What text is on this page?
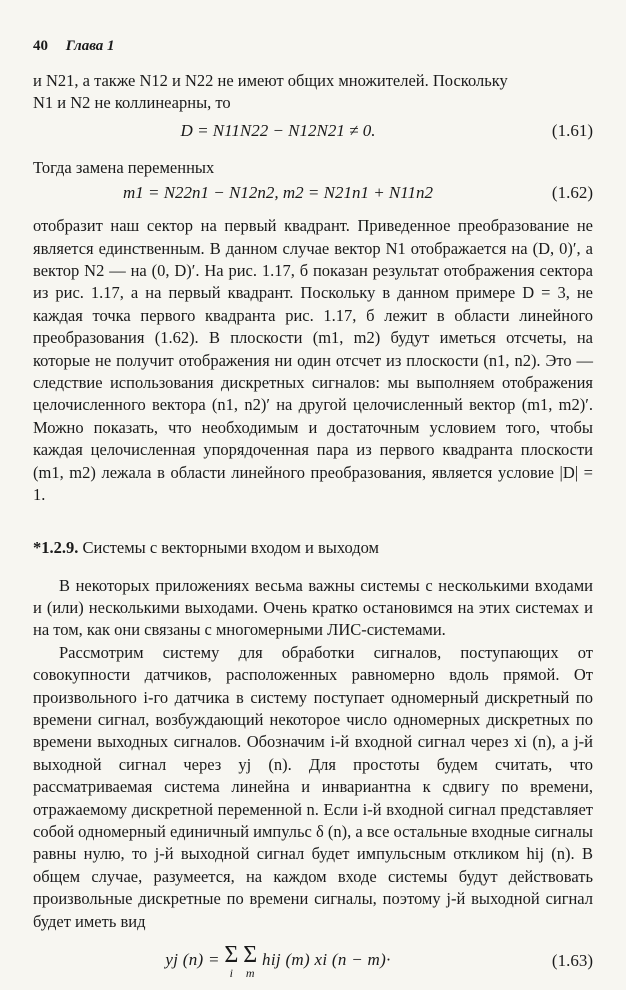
40 Глава 1

и N21, а также N12 и N22 не имеют общих множителей. Поскольку

N1 и N2 не коллинеарны, то

D = N11N22 − N12N21 ≠ 0.	(1.61)

Тогда замена переменных

m1 = N22n1 − N12n2, m2 = N21n1 + N11n2	(1.62)

отобразит наш сектор на первый квадрант. Приведенное преобразование не является единственным. В данном случае вектор N1 отображается на (D, 0)′, а вектор N2 — на (0, D)′. На рис. 1.17, б показан результат отображения сектора из рис. 1.17, а на первый квадрант. Поскольку в данном примере D = 3, не каждая точка первого квадранта рис. 1.17, б лежит в области линейного преобразования (1.62). В плоскости (m1, m2) будут иметься отсчеты, на которые не получит отображения ни один отсчет из плоскости (n1, n2). Это — следствие использования дискретных сигналов: мы выполняем отображения целочисленного вектора (n1, n2)′ на другой целочисленный вектор (m1, m2)′. Можно показать, что необходимым и достаточным условием того, чтобы каждая целочисленная упорядоченная пара из первого квадранта плоскости (m1, m2) лежала в области линейного преобразования, является условие |D| = 1.

*1.2.9. Системы с векторными входом и выходом

В некоторых приложениях весьма важны системы с несколькими входами и (или) несколькими выходами. Очень кратко остановимся на этих системах и на том, как они связаны с многомерными ЛИС-системами.

Рассмотрим систему для обработки сигналов, поступающих от совокупности датчиков, расположенных равномерно вдоль прямой. От произвольного i-го датчика в систему поступает одномерный дискретный по времени сигнал, возбуждающий некоторое число одномерных дискретных по времени выходных сигналов. Обозначим i-й входной сигнал через xi (n), а j-й выходной сигнал через yj (n). Для простоты будем считать, что рассматриваемая система линейна и инвариантна к сдвигу по времени, отражаемому дискретной переменной n. Если i-й входной сигнал представляет собой одномерный единичный импульс δ (n), а все остальные входные сигналы равны нулю, то j-й выходной сигнал будет импульсным откликом hij (n). В общем случае, разумеется, на каждом входе системы будут действовать произвольные дискретные по времени сигналы, поэтому j-й выходной сигнал будет иметь вид

yj (n) = Σ
i

Σ
m
hij (m) xi (n − m)·	(1.63)
